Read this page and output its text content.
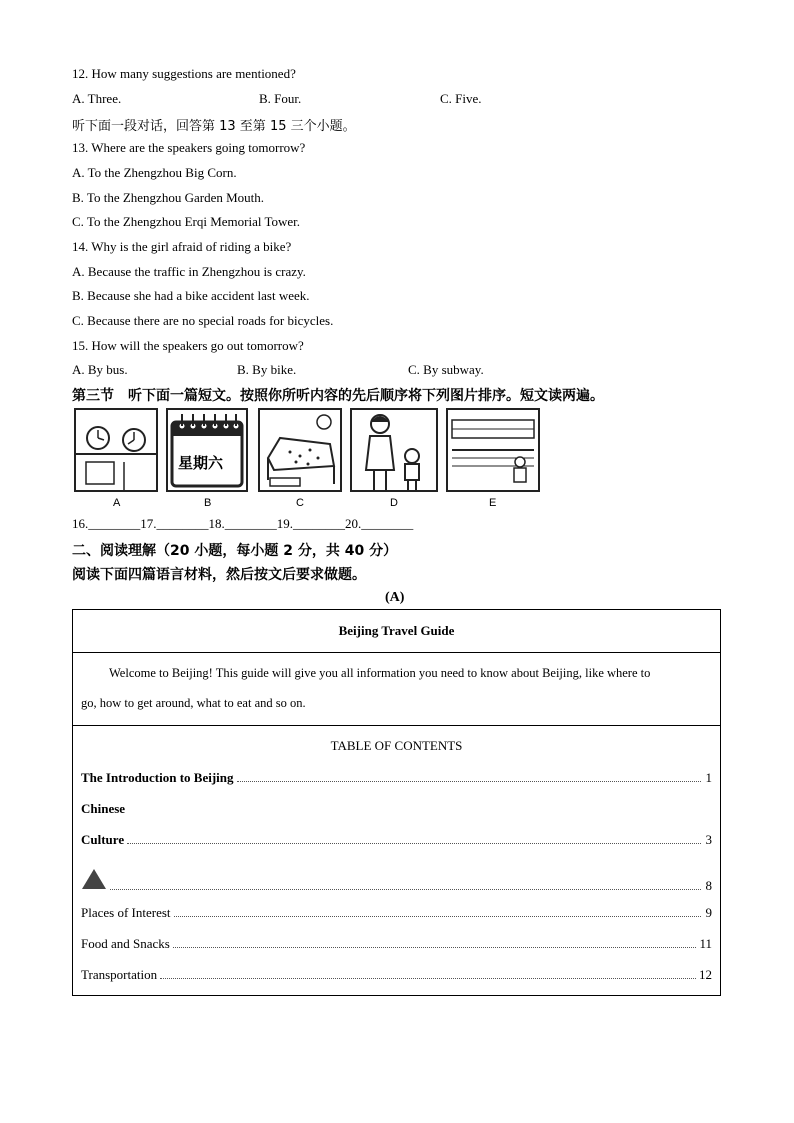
12. How many suggestions are mentioned?
A. Three.	B. Four.	C. Five.
听下面一段对话，回答第 13 至第 15 三个小题。
13. Where are the speakers going tomorrow?
A. To the Zhengzhou Big Corn.
B. To the Zhengzhou Garden Mouth.
C. To the Zhengzhou Erqi Memorial Tower.
14. Why is the girl afraid of riding a bike?
A. Because the traffic in Zhengzhou is crazy.
B. Because she had a bike accident last week.
C. Because there are no special roads for bicycles.
15. How will the speakers go out tomorrow?
A. By bus.	B. By bike.	C. By subway.
第三节　听下面一篇短文。按照你所听内容的先后顺序将下列图片排序。短文读两遍。
星期六
A	B	C	D	E
16.________17.________18.________19.________20.________
二、阅读理解（20 小题，每小题 2 分，共 40 分）
阅读下面四篇语言材料，然后按文后要求做题。
(A)
Beijing Travel Guide
Welcome to Beijing! This guide will give you all information you need to know about Beijing, like where to
go, how to get around, what to eat and so on.
TABLE OF CONTENTS
The Introduction to Beijing	1
Chinese
Culture	3
8
Places of Interest	9
Food and Snacks	11
Transportation	12
